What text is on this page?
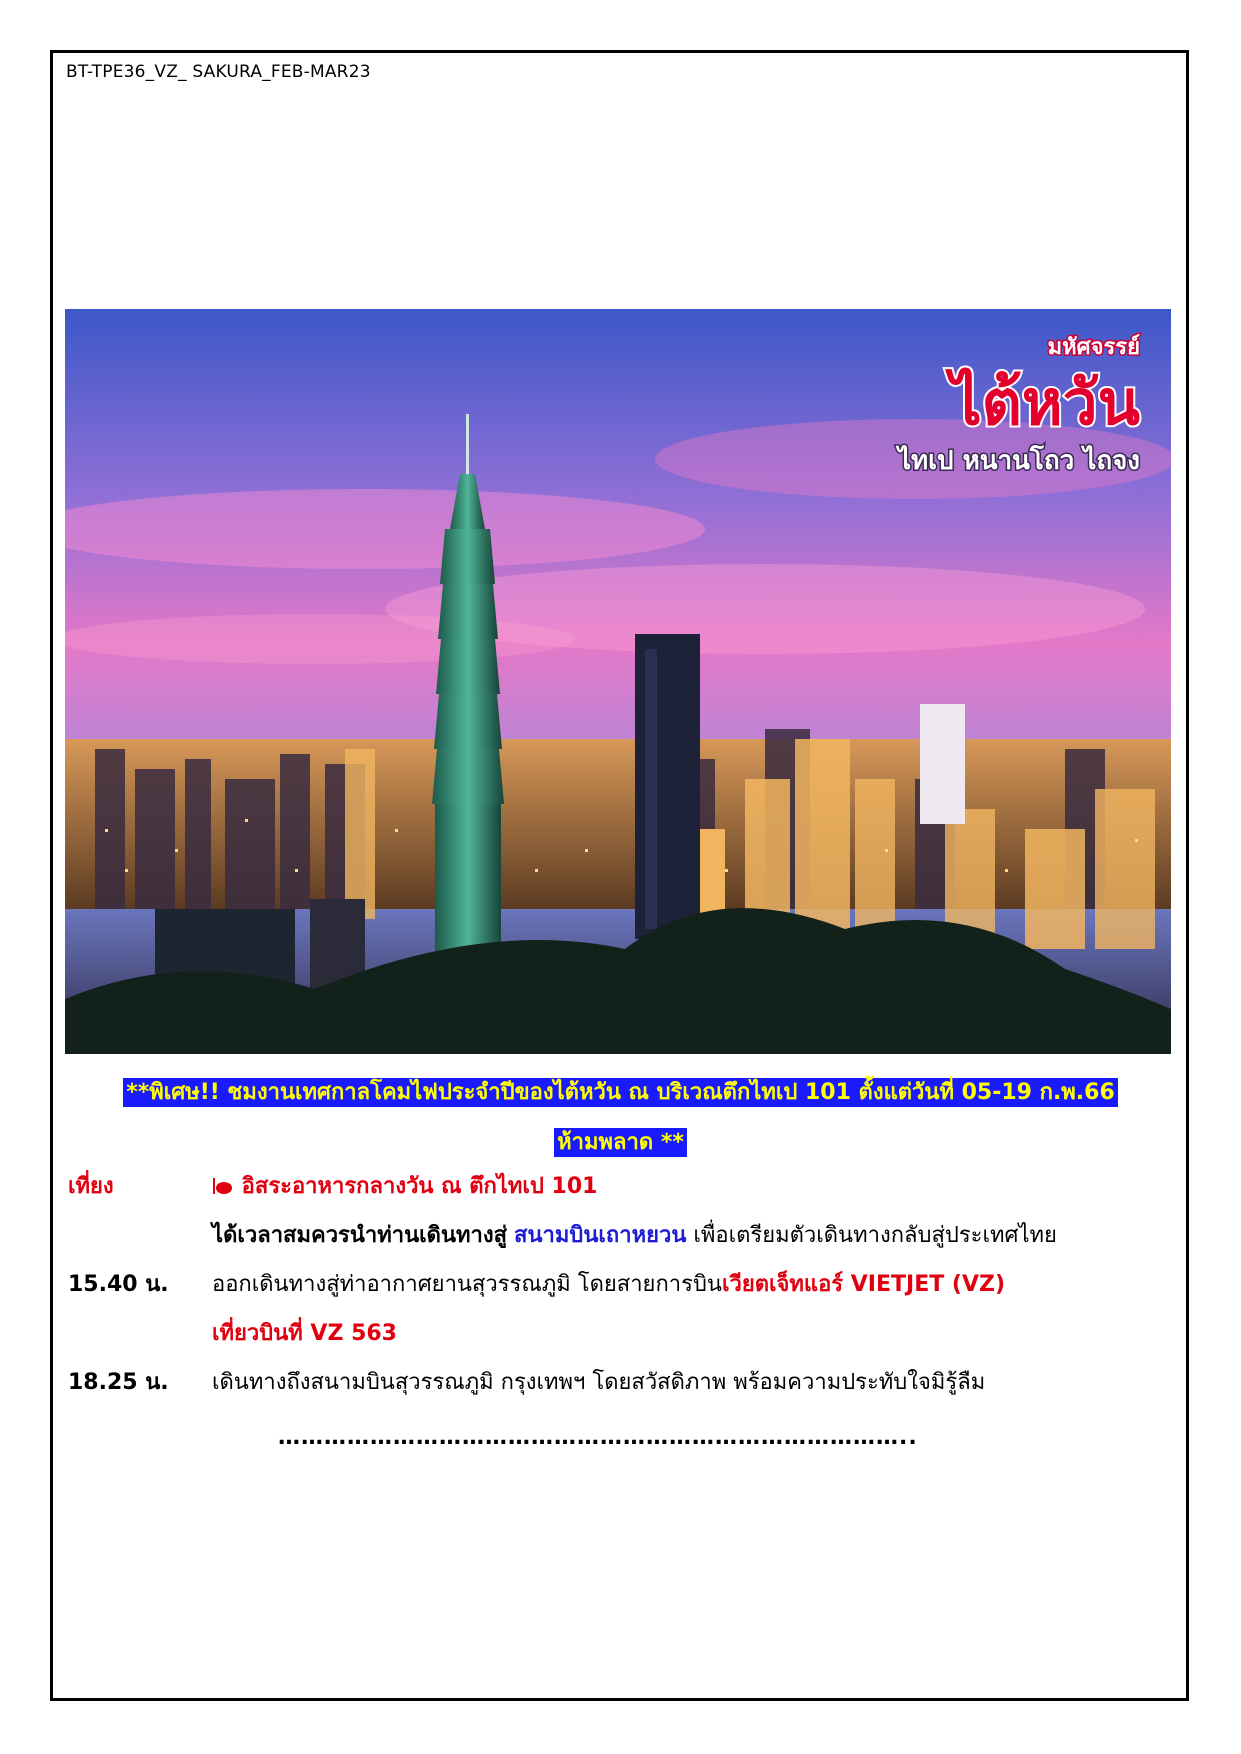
BT-TPE36_VZ_ SAKURA_FEB-MAR23
มหัศจรรย์
ไต้หวัน
ไทเป หนานโถว ไถจง
**พิเศษ!! ชมงานเทศกาลโคมไฟประจำปีของไต้หวัน ณ บริเวณตึกไทเป 101 ตั้งแต่วันที่ 05-19 ก.พ.66
ห้ามพลาด **
เที่ยง	อิสระอาหารกลางวัน ณ ตึกไทเป 101
ได้เวลาสมควรนำท่านเดินทางสู่ สนามบินเถาหยวน เพื่อเตรียมตัวเดินทางกลับสู่ประเทศไทย
15.40 น. ออกเดินทางสู่ท่าอากาศยานสุวรรณภูมิ โดยสายการบินเวียตเจ็ทแอร์ VIETJET (VZ)
เที่ยวบินที่ VZ 563
18.25 น. เดินทางถึงสนามบินสุวรรณภูมิ กรุงเทพฯ โดยสวัสดิภาพ พร้อมความประทับใจมิรู้ลืม
………………………………………………………………………..
